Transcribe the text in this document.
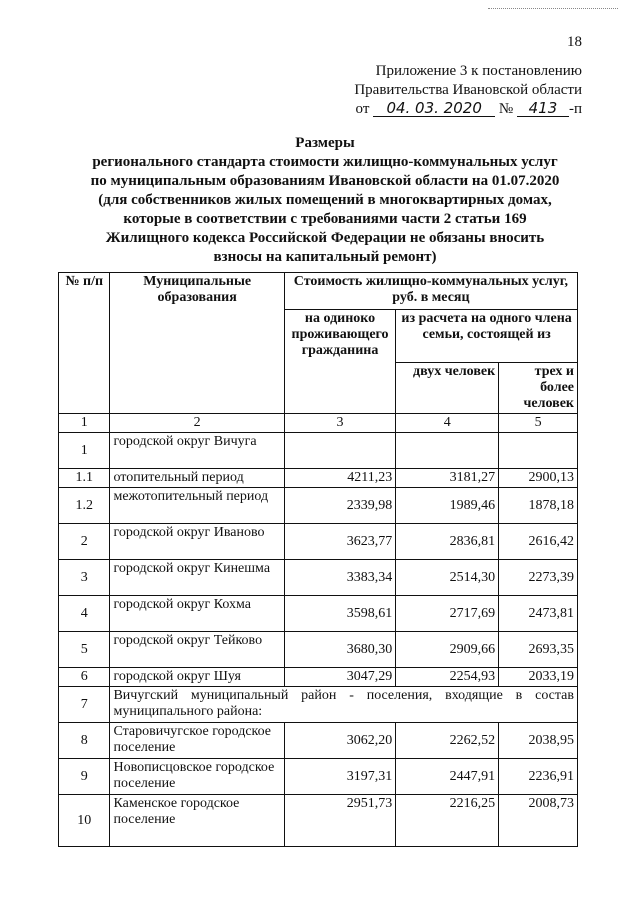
18
Приложение 3 к постановлению
Правительства Ивановской области
от 04. 03. 2020 № 413 -п
Размеры
регионального стандарта стоимости жилищно-коммунальных услуг
по муниципальным образованиям Ивановской области на 01.07.2020
(для собственников жилых помещений в многоквартирных домах,
которые в соответствии с требованиями части 2 статьи 169
Жилищного кодекса Российской Федерации не обязаны вносить
взносы на капитальный ремонт)
№ п/п	Муниципальные образования	Стоимость жилищно-коммунальных услуг, руб. в месяц		
		на одиноко проживающего гражданина	из расчета на одного члена семьи, состоящей из	
			двух человек	трех и более человек
1	2	3	4	5
1	городской округ Вичуга			
1.1	отопительный период	4211,23	3181,27	2900,13
1.2	межотопительный период	2339,98	1989,46	1878,18
2	городской округ Иваново	3623,77	2836,81	2616,42
3	городской округ Кинешма	3383,34	2514,30	2273,39
4	городской округ Кохма	3598,61	2717,69	2473,81
5	городской округ Тейково	3680,30	2909,66	2693,35
6	городской округ Шуя	3047,29	2254,93	2033,19
7	Вичугский муниципальный район - поселения, входящие в состав муниципального района:			
8	Старовичугское городское поселение	3062,20	2262,52	2038,95
9	Новописцовское городское поселение	3197,31	2447,91	2236,91
10	Каменское городское поселение	2951,73	2216,25	2008,73
